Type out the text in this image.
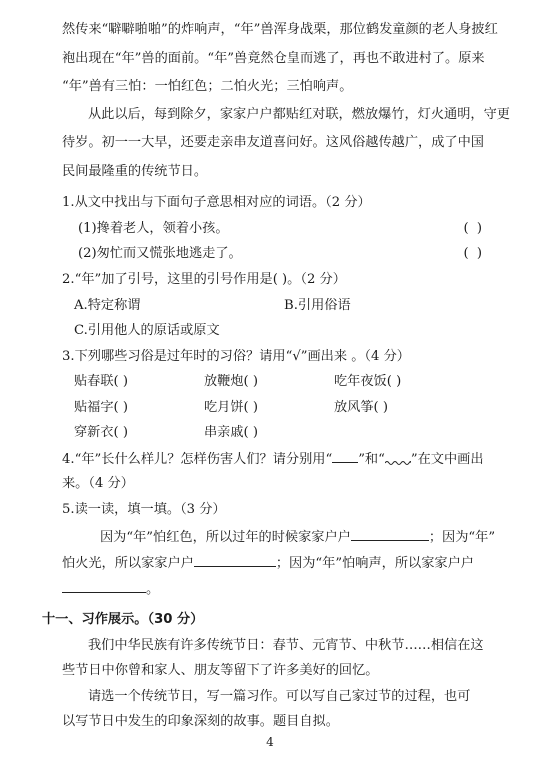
然传来“噼噼啪啪”的炸响声，“年”兽浑身战栗，那位鹤发童颜的老人身披红
袍出现在“年”兽的面前。“年”兽竟然仓皇而逃了，再也不敢进村了。原来
“年”兽有三怕：一怕红色；二怕火光；三怕响声。
从此以后，每到除夕，家家户户都贴红对联，燃放爆竹，灯火通明，守更
待岁。初一一大早，还要走亲串友道喜问好。这风俗越传越广，成了中国
民间最隆重的传统节日。
1.从文中找出与下面句子意思相对应的词语。（2 分）
(1)搀着老人，领着小孩。	( )
(2)匆忙而又慌张地逃走了。	( )
2.“年”加了引号，这里的引号作用是( )。（2 分）
A.特定称谓	B.引用俗语
C.引用他人的原话或原文
3.下列哪些习俗是过年时的习俗？请用“√”画出来 。（4 分）
贴春联( )	放鞭炮( )	吃年夜饭( )
贴福字( )	吃月饼( )	放风筝( )
穿新衣( )	串亲戚( )
4.“年”长什么样儿？怎样伤害人们？请分别用“ ”和“ ”在文中画出
来。（4 分）
5.读一读，填一填。（3 分）
因为“年”怕红色，所以过年的时候家家户户	；因为“年”
怕火光，所以家家户户	；因为“年”怕响声，所以家家户户
。
十一、习作展示。（30 分）
我们中华民族有许多传统节日：春节、元宵节、中秋节……相信在这
些节日中你曾和家人、朋友等留下了许多美好的回忆。
请选一个传统节日，写一篇习作。可以写自己家过节的过程，也可
以写节日中发生的印象深刻的故事。题目自拟。
4
